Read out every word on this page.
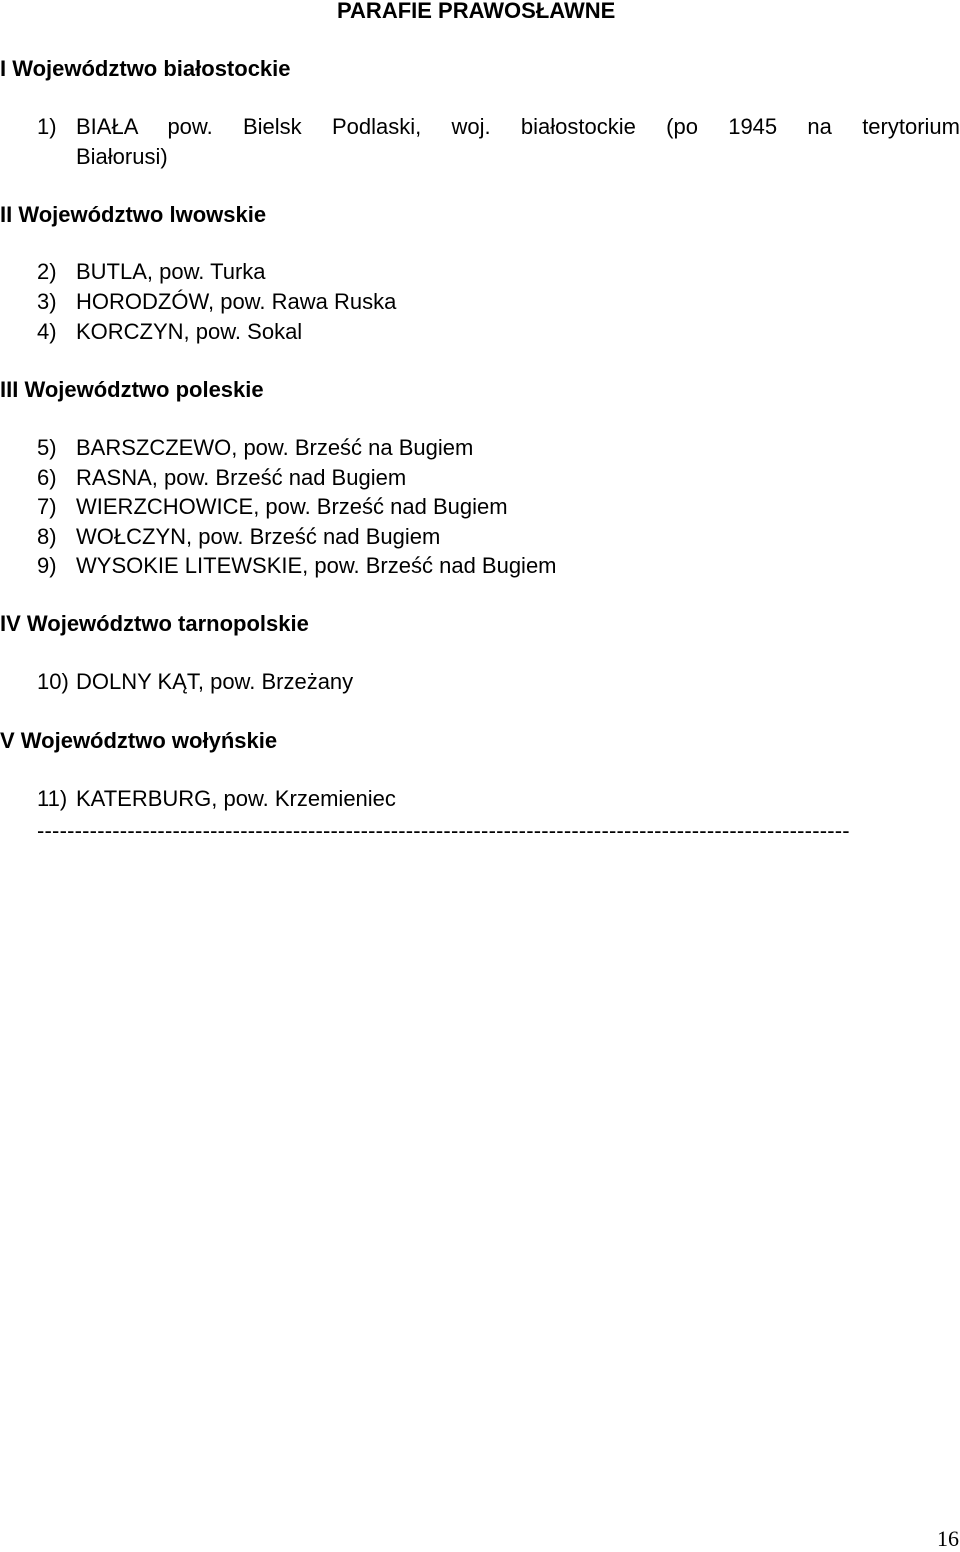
PARAFIE PRAWOSŁAWNE
I Województwo białostockie
1) BIAŁA pow. Bielsk Podlaski, woj. białostockie (po 1945 na terytorium
Białorusi)
II Województwo lwowskie
2) BUTLA, pow. Turka
3) HORODZÓW, pow. Rawa Ruska
4) KORCZYN, pow. Sokal
III Województwo poleskie
5) BARSZCZEWO, pow. Brześć na Bugiem
6) RASNA, pow. Brześć nad Bugiem
7) WIERZCHOWICE, pow. Brześć nad Bugiem
8) WOŁCZYN, pow. Brześć nad Bugiem
9) WYSOKIE LITEWSKIE, pow. Brześć nad Bugiem
IV Województwo tarnopolskie
10) DOLNY KĄT, pow. Brzeżany
V Województwo wołyńskie
11) KATERBURG, pow. Krzemieniec
------------------------------------------------------------------------------------------------------------
16
